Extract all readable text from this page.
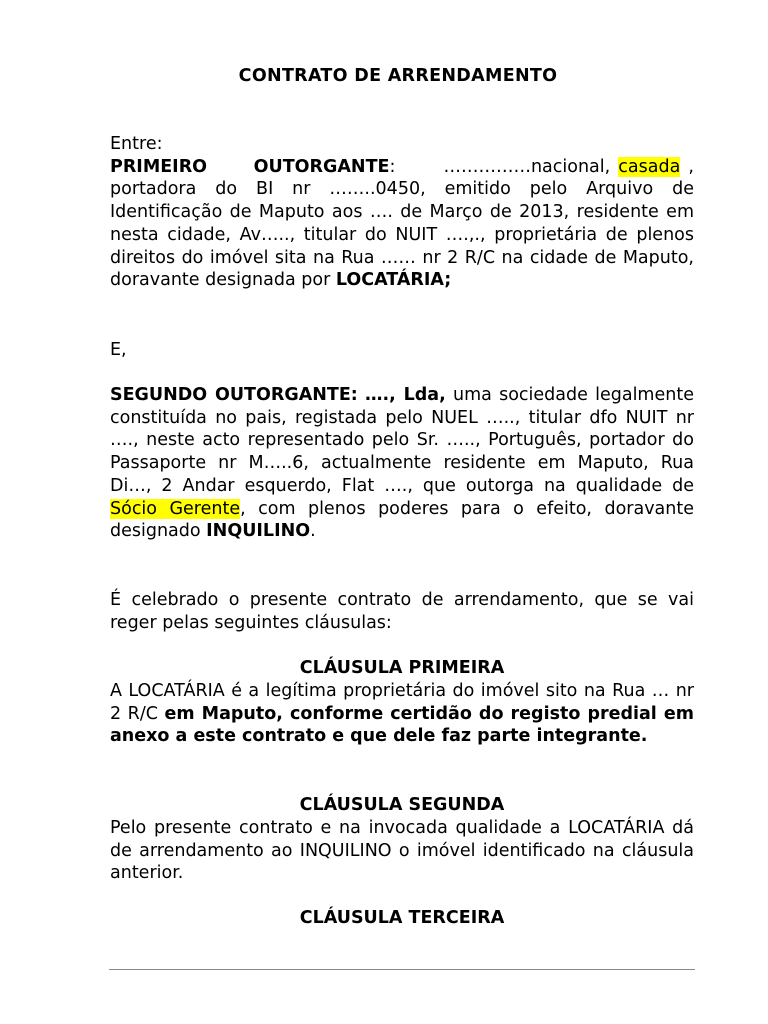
CONTRATO DE ARRENDAMENTO

Entre:

PRIMEIRO OUTORGANTE:	……………nacional, casada , portadora do BI nr ……..0450, emitido pelo Arquivo de Identificação de Maputo aos …. de Março de 2013, residente em nesta cidade, Av….., titular do NUIT ….,., proprietária de plenos direitos do imóvel sita na Rua …… nr 2 R/C na cidade de Maputo, doravante designada por LOCATÁRIA;

E,
SEGUNDO OUTORGANTE: …., Lda, uma sociedade legalmente constituída no pais, registada pelo NUEL ….., titular dfo NUIT nr …., neste acto representado pelo Sr. ….., Português, portador do Passaporte nr M…..6, actualmente residente em Maputo, Rua Di…, 2 Andar esquerdo, Flat …., que outorga na qualidade de Sócio Gerente, com plenos poderes para o efeito, doravante designado INQUILINO.
É celebrado o presente contrato de arrendamento, que se vai reger pelas seguintes cláusulas:
CLÁUSULA PRIMEIRA
A LOCATÁRIA é a legítima proprietária do imóvel sito na Rua … nr 2 R/C em Maputo, conforme certidão do registo predial em anexo a este contrato e que dele faz parte integrante.
CLÁUSULA SEGUNDA
Pelo presente contrato e na invocada qualidade a LOCATÁRIA dá de arrendamento ao INQUILINO o imóvel identificado na cláusula anterior.
CLÁUSULA TERCEIRA
